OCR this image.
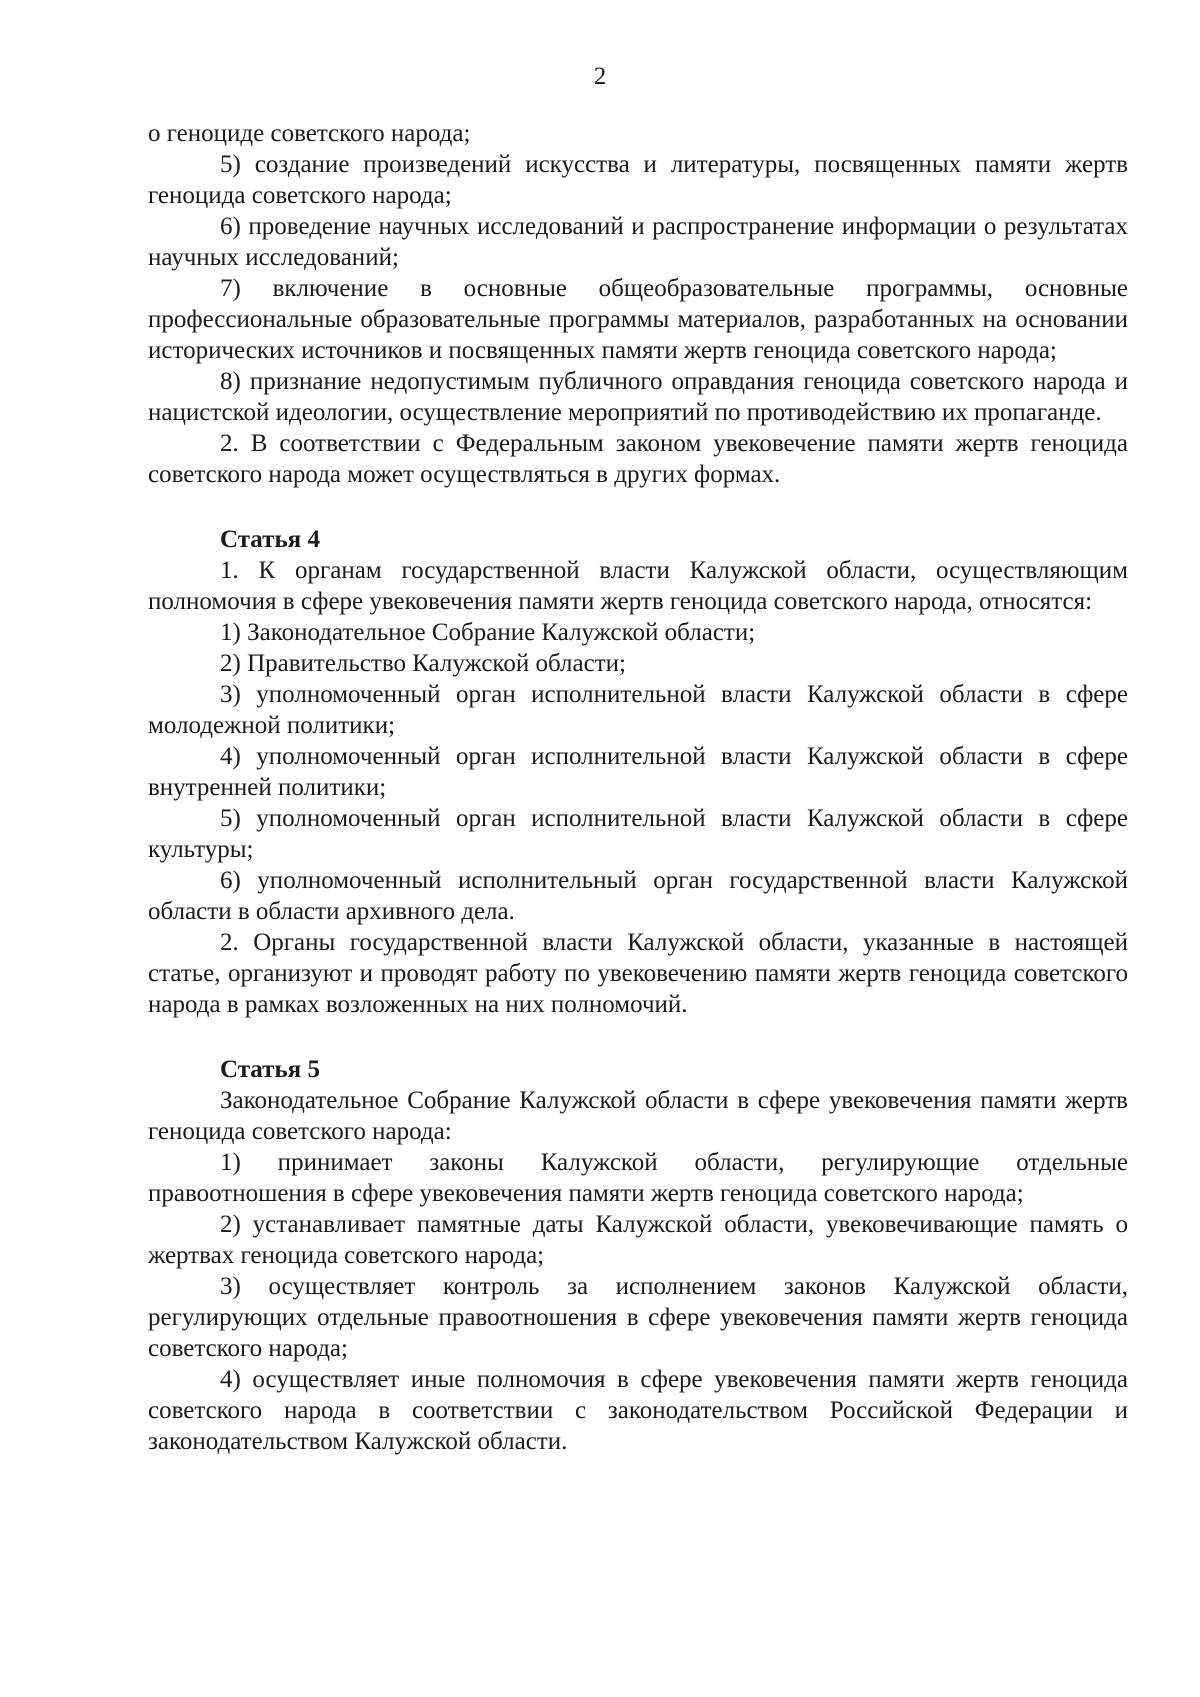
2

о геноциде советского народа;

5) создание произведений искусства и литературы, посвященных памяти жертв геноцида советского народа;

6) проведение научных исследований и распространение информации о результатах научных исследований;

7) включение в основные общеобразовательные программы, основные профессиональные образовательные программы материалов, разработанных на основании исторических источников и посвященных памяти жертв геноцида советского народа;

8) признание недопустимым публичного оправдания геноцида советского народа и нацистской идеологии, осуществление мероприятий по противодействию их пропаганде.

2. В соответствии с Федеральным законом увековечение памяти жертв геноцида советского народа может осуществляться в других формах.

Статья 4

1. К органам государственной власти Калужской области, осуществляющим полномочия в сфере увековечения памяти жертв геноцида советского народа, относятся:

1) Законодательное Собрание Калужской области;

2) Правительство Калужской области;

3) уполномоченный орган исполнительной власти Калужской области в сфере молодежной политики;

4) уполномоченный орган исполнительной власти Калужской области в сфере внутренней политики;

5) уполномоченный орган исполнительной власти Калужской области в сфере культуры;

6) уполномоченный исполнительный орган государственной власти Калужской области в области архивного дела.

2. Органы государственной власти Калужской области, указанные в настоящей статье, организуют и проводят работу по увековечению памяти жертв геноцида советского народа в рамках возложенных на них полномочий.

Статья 5

Законодательное Собрание Калужской области в сфере увековечения памяти жертв геноцида советского народа:

1) принимает законы Калужской области, регулирующие отдельные правоотношения в сфере увековечения памяти жертв геноцида советского народа;

2) устанавливает памятные даты Калужской области, увековечивающие память о жертвах геноцида советского народа;

3) осуществляет контроль за исполнением законов Калужской области, регулирующих отдельные правоотношения в сфере увековечения памяти жертв геноцида советского народа;

4) осуществляет иные полномочия в сфере увековечения памяти жертв геноцида советского народа в соответствии с законодательством Российской Федерации и законодательством Калужской области.
